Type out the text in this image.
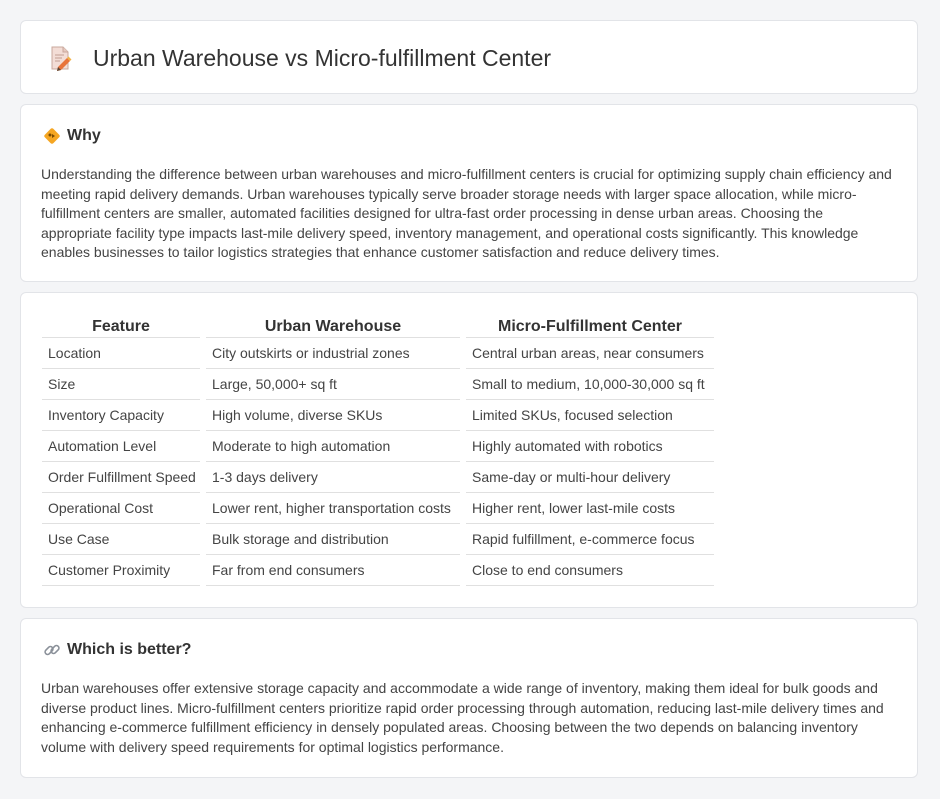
Urban Warehouse vs Micro-fulfillment Center
Why

Understanding the difference between urban warehouses and micro-fulfillment centers is crucial for optimizing supply chain efficiency and meeting rapid delivery demands. Urban warehouses typically serve broader storage needs with larger space allocation, while micro-fulfillment centers are smaller, automated facilities designed for ultra-fast order processing in dense urban areas. Choosing the appropriate facility type impacts last-mile delivery speed, inventory management, and operational costs significantly. This knowledge enables businesses to tailor logistics strategies that enhance customer satisfaction and reduce delivery times.

Feature	Urban Warehouse	Micro-Fulfillment Center
Location	City outskirts or industrial zones	Central urban areas, near consumers
Size	Large, 50,000+ sq ft	Small to medium, 10,000-30,000 sq ft
Inventory Capacity	High volume, diverse SKUs	Limited SKUs, focused selection
Automation Level	Moderate to high automation	Highly automated with robotics
Order Fulfillment Speed	1-3 days delivery	Same-day or multi-hour delivery
Operational Cost	Lower rent, higher transportation costs	Higher rent, lower last-mile costs
Use Case	Bulk storage and distribution	Rapid fulfillment, e-commerce focus
Customer Proximity	Far from end consumers	Close to end consumers
Which is better?

Urban warehouses offer extensive storage capacity and accommodate a wide range of inventory, making them ideal for bulk goods and diverse product lines. Micro-fulfillment centers prioritize rapid order processing through automation, reducing last-mile delivery times and enhancing e-commerce fulfillment efficiency in densely populated areas. Choosing between the two depends on balancing inventory volume with delivery speed requirements for optimal logistics performance.
